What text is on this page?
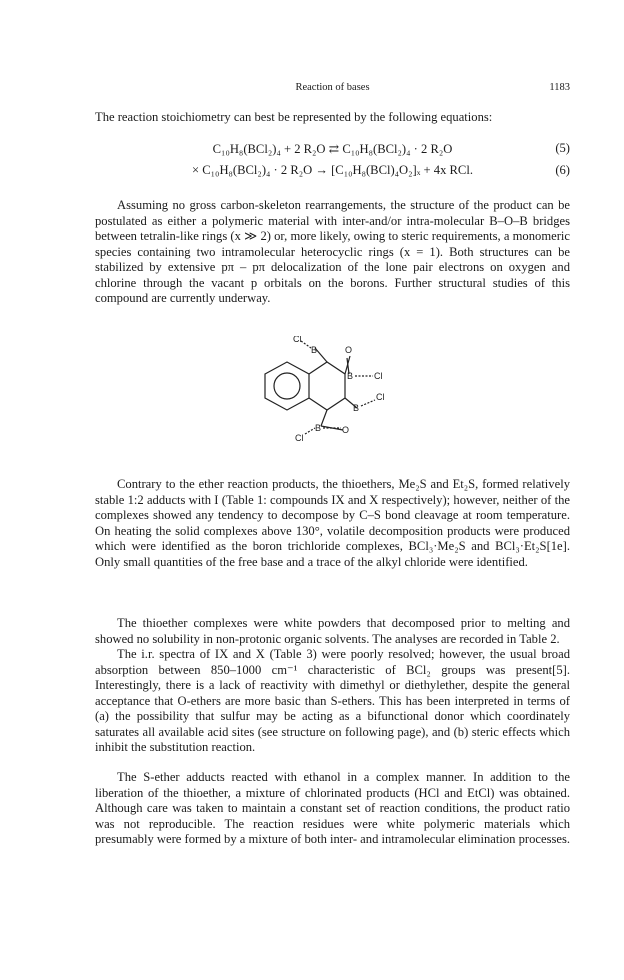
Reaction of bases	1183

The reaction stoichiometry can best be represented by the following equations:

C₁₀H₈(BCl₂)₄ + 2 R₂O ⇄ C₁₀H₈(BCl₂)₄ · 2 R₂O	(5)
× C₁₀H₈(BCl₂)₄ · 2 R₂O → [C₁₀H₈(BCl)₄O₂]ₓ + 4x RCl.	(6)

Assuming no gross carbon-skeleton rearrangements, the structure of the product can be postulated as either a polymeric material with inter-and/or intra-molecular B–O–B bridges between tetralin-like rings (x ≫ 2) or, more likely, owing to steric requirements, a monomeric species containing two intramolecular heterocyclic rings (x = 1). Both structures can be stabilized by extensive pπ – pπ delocalization of the lone pair electrons on oxygen and chlorine through the vacant p orbitals on the borons. Further structural studies of this compound are currently underway.

Cl
B	O
B Cl
Cl
B
B O
Cl

Contrary to the ether reaction products, the thioethers, Me₂S and Et₂S, formed relatively stable 1:2 adducts with I (Table 1: compounds IX and X respectively); however, neither of the complexes showed any tendency to decompose by C–S bond cleavage at room temperature. On heating the solid complexes above 130°, volatile decomposition products were produced which were identified as the boron trichloride complexes, BCl₃·Me₂S and BCl₃·Et₂S[1e]. Only small quantities of the free base and a trace of the alkyl chloride were identified.

The thioether complexes were white powders that decomposed prior to melting and showed no solubility in non-protonic organic solvents. The analyses are recorded in Table 2.

The i.r. spectra of IX and X (Table 3) were poorly resolved; however, the usual broad absorption between 850–1000 cm⁻¹ characteristic of BCl₂ groups was present[5]. Interestingly, there is a lack of reactivity with dimethyl or diethylether, despite the general acceptance that O-ethers are more basic than S-ethers. This has been interpreted in terms of (a) the possibility that sulfur may be acting as a bifunctional donor which coordinately saturates all available acid sites (see structure on following page), and (b) steric effects which inhibit the substitution reaction.

The S-ether adducts reacted with ethanol in a complex manner. In addition to the liberation of the thioether, a mixture of chlorinated products (HCl and EtCl) was obtained. Although care was taken to maintain a constant set of reaction conditions, the product ratio was not reproducible. The reaction residues were white polymeric materials which presumably were formed by a mixture of both inter- and intramolecular elimination processes.
